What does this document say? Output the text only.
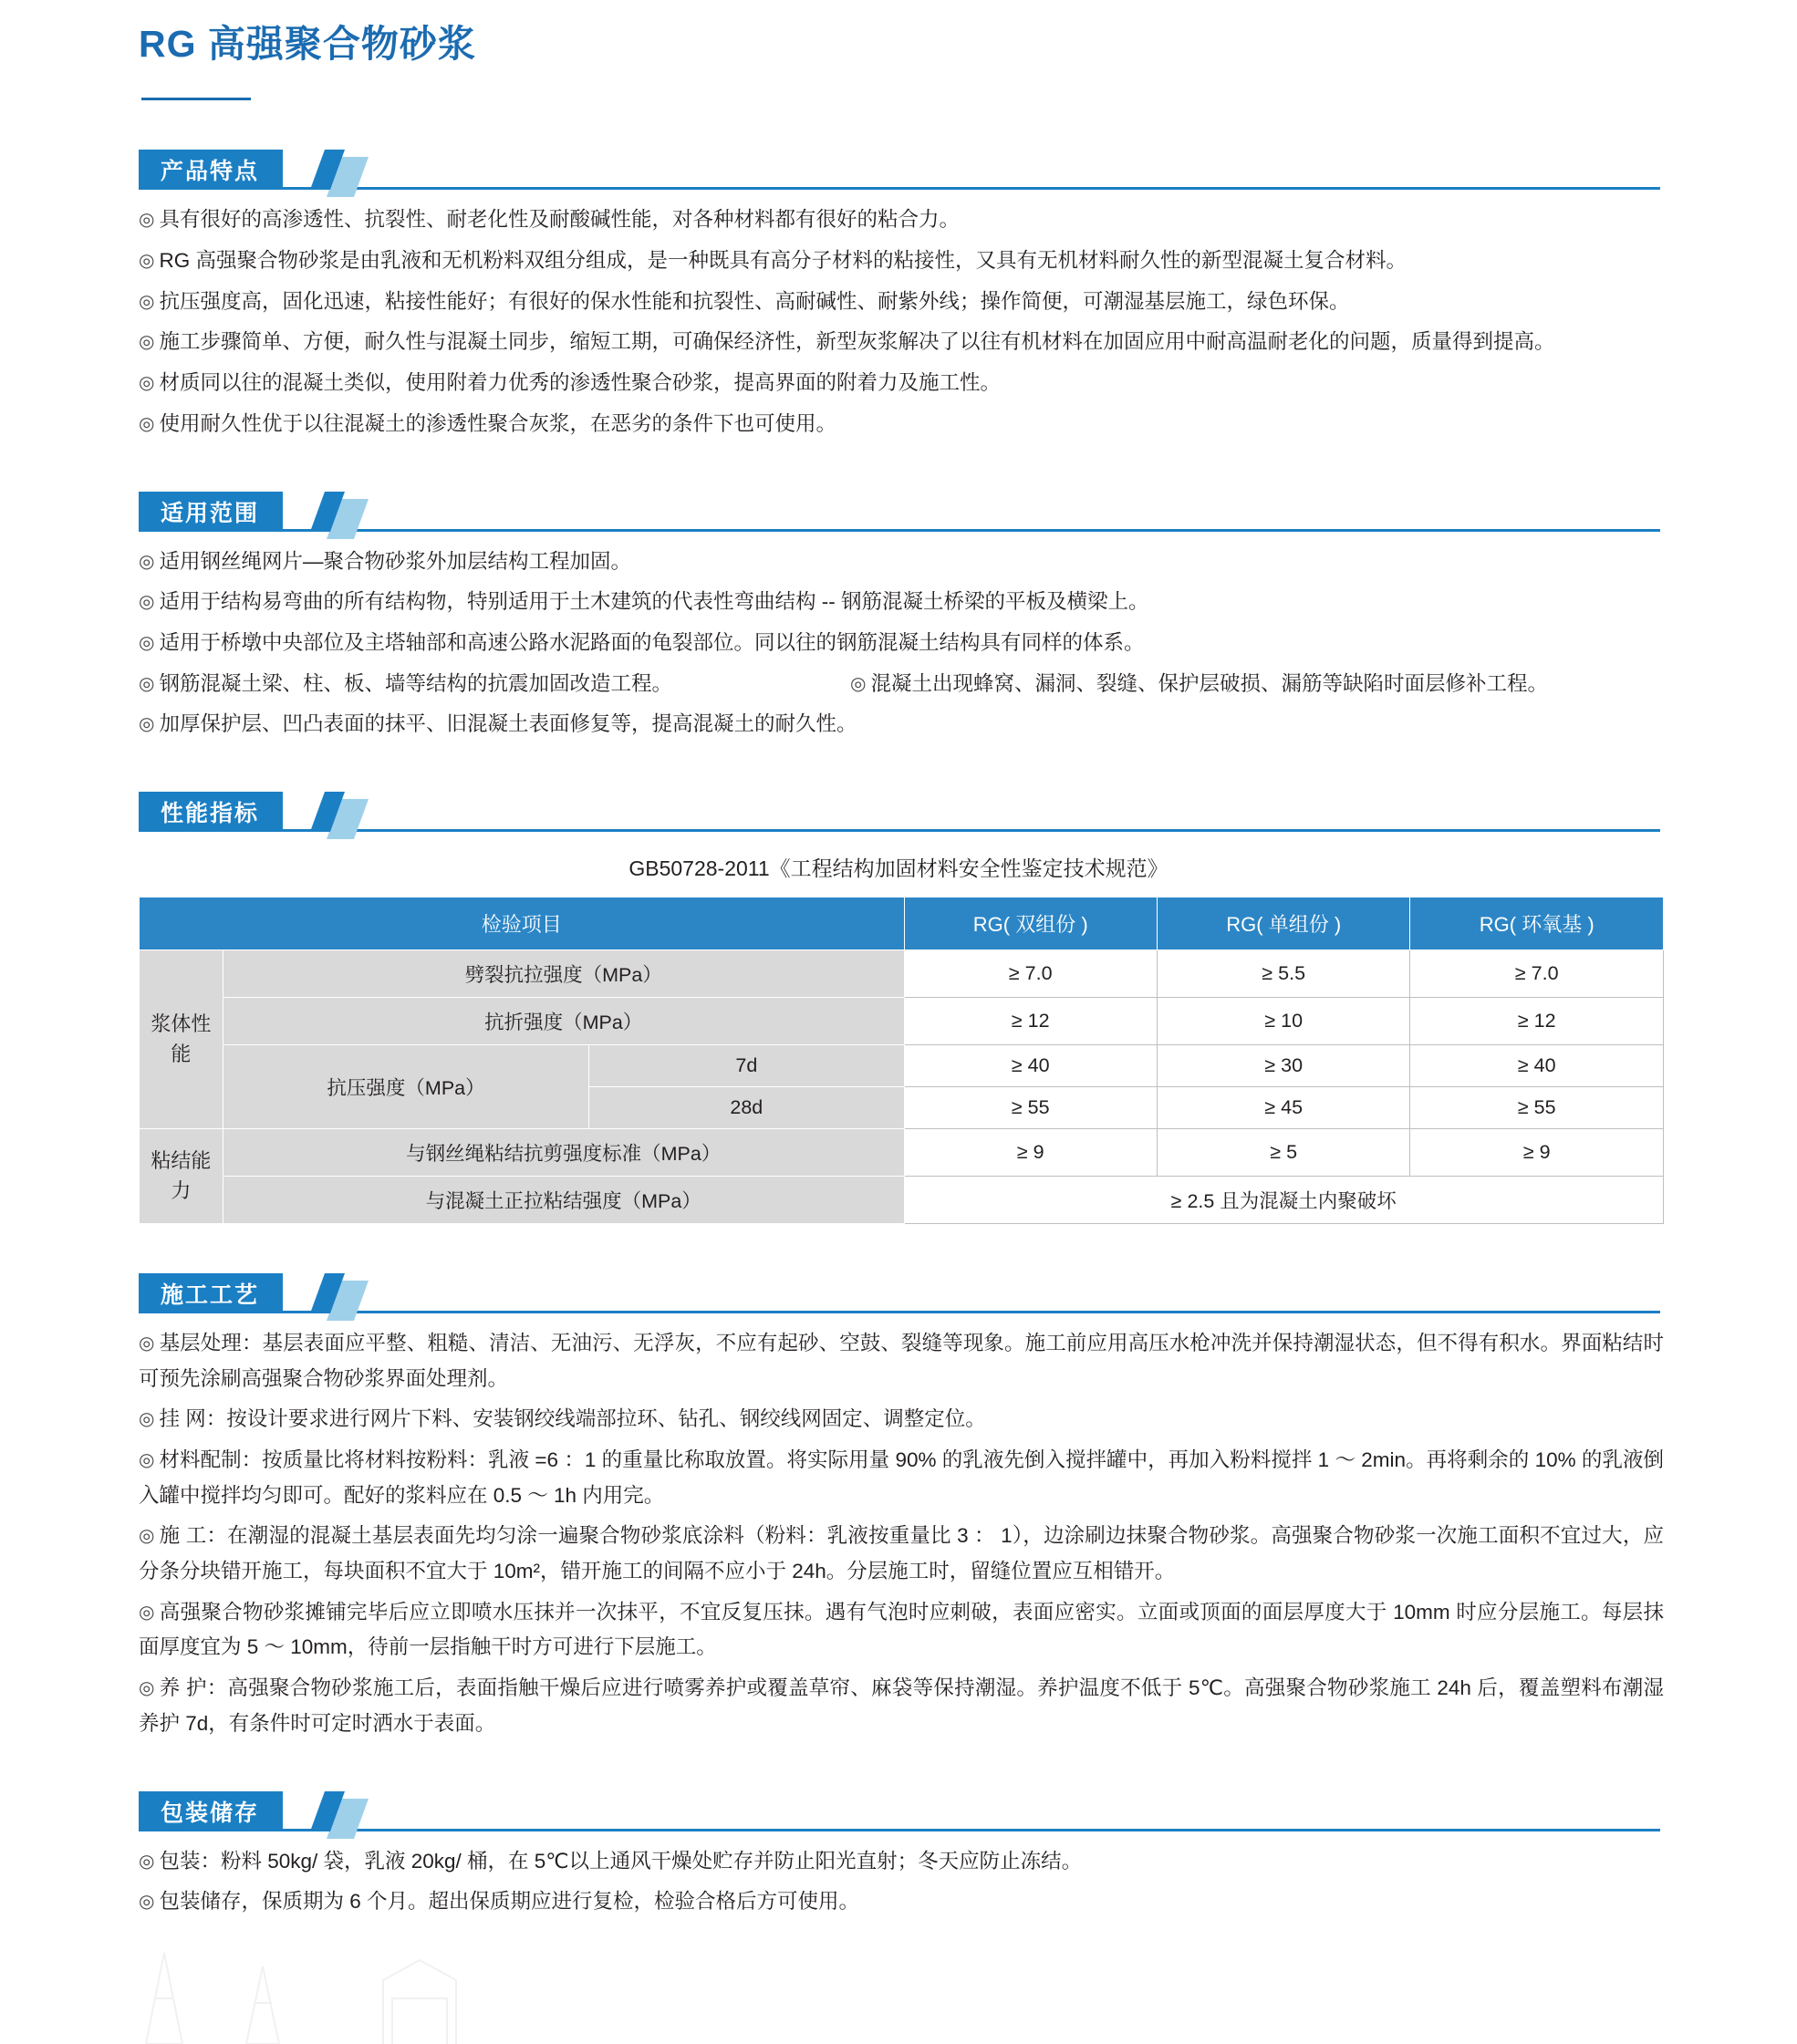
RG 高强聚合物砂浆
产品特点
◎ 具有很好的高渗透性、抗裂性、耐老化性及耐酸碱性能，对各种材料都有很好的粘合力。
◎ RG 高强聚合物砂浆是由乳液和无机粉料双组分组成，是一种既具有高分子材料的粘接性，又具有无机材料耐久性的新型混凝土复合材料。
◎ 抗压强度高，固化迅速，粘接性能好；有很好的保水性能和抗裂性、高耐碱性、耐紫外线；操作简便，可潮湿基层施工，绿色环保。
◎ 施工步骤简单、方便，耐久性与混凝土同步，缩短工期，可确保经济性，新型灰浆解决了以往有机材料在加固应用中耐高温耐老化的问题，质量得到提高。
◎ 材质同以往的混凝土类似，使用附着力优秀的渗透性聚合砂浆，提高界面的附着力及施工性。
◎ 使用耐久性优于以往混凝土的渗透性聚合灰浆，在恶劣的条件下也可使用。
适用范围
◎ 适用钢丝绳网片—聚合物砂浆外加层结构工程加固。
◎ 适用于结构易弯曲的所有结构物，特别适用于土木建筑的代表性弯曲结构 -- 钢筋混凝土桥梁的平板及横梁上。
◎ 适用于桥墩中央部位及主塔轴部和高速公路水泥路面的龟裂部位。同以往的钢筋混凝土结构具有同样的体系。
◎ 钢筋混凝土梁、柱、板、墙等结构的抗震加固改造工程。	◎ 混凝土出现蜂窝、漏洞、裂缝、保护层破损、漏筋等缺陷时面层修补工程。
◎ 加厚保护层、凹凸表面的抹平、旧混凝土表面修复等，提高混凝土的耐久性。
性能指标
GB50728-2011《工程结构加固材料安全性鉴定技术规范》
检验项目			RG( 双组份 )	RG( 单组份 )	RG( 环氧基 )
浆体性能	劈裂抗拉强度（MPa）		≥ 7.0	≥ 5.5	≥ 7.0
	抗折强度（MPa）		≥ 12	≥ 10	≥ 12
	抗压强度（MPa）	7d	≥ 40	≥ 30	≥ 40
		28d	≥ 55	≥ 45	≥ 55
粘结能力	与钢丝绳粘结抗剪强度标准（MPa）		≥ 9	≥ 5	≥ 9
	与混凝土正拉粘结强度（MPa）		≥ 2.5 且为混凝土内聚破坏		
施工工艺
◎ 基层处理：基层表面应平整、粗糙、清洁、无油污、无浮灰，不应有起砂、空鼓、裂缝等现象。施工前应用高压水枪冲洗并保持潮湿状态，但不得有积水。界面粘结时可预先涂刷高强聚合物砂浆界面处理剂。
◎ 挂 网：按设计要求进行网片下料、安装钢绞线端部拉环、钻孔、钢绞线网固定、调整定位。
◎ 材料配制：按质量比将材料按粉料：乳液 =6 ：1 的重量比称取放置。将实际用量 90% 的乳液先倒入搅拌罐中，再加入粉料搅拌 1 ～ 2min。再将剩余的 10% 的乳液倒入罐中搅拌均匀即可。配好的浆料应在 0.5 ～ 1h 内用完。
◎ 施 工：在潮湿的混凝土基层表面先均匀涂一遍聚合物砂浆底涂料（粉料：乳液按重量比 3 ： 1），边涂刷边抹聚合物砂浆。高强聚合物砂浆一次施工面积不宜过大，应分条分块错开施工，每块面积不宜大于 10m²，错开施工的间隔不应小于 24h。分层施工时，留缝位置应互相错开。
◎ 高强聚合物砂浆摊铺完毕后应立即喷水压抹并一次抹平，不宜反复压抹。遇有气泡时应刺破，表面应密实。立面或顶面的面层厚度大于 10mm 时应分层施工。每层抹面厚度宜为 5 ～ 10mm，待前一层指触干时方可进行下层施工。
◎ 养 护：高强聚合物砂浆施工后，表面指触干燥后应进行喷雾养护或覆盖草帘、麻袋等保持潮湿。养护温度不低于 5℃。高强聚合物砂浆施工 24h 后，覆盖塑料布潮湿养护 7d，有条件时可定时洒水于表面。
包装储存
◎ 包装：粉料 50kg/ 袋，乳液 20kg/ 桶，在 5℃以上通风干燥处贮存并防止阳光直射；冬天应防止冻结。
◎ 包装储存，保质期为 6 个月。超出保质期应进行复检，检验合格后方可使用。
